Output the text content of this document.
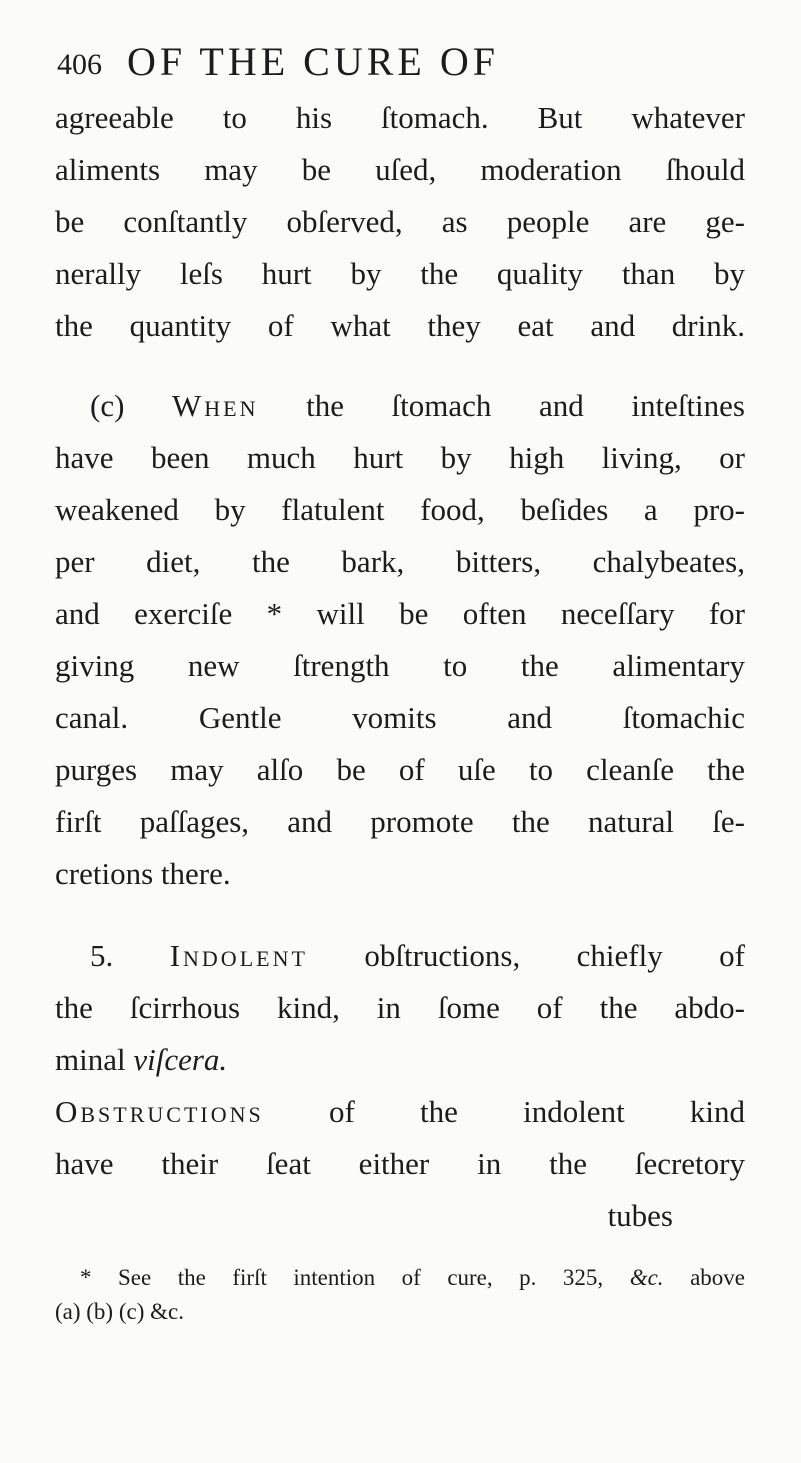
406 OF THE CURE OF
agreeable to his ſtomach. But whatever
aliments may be uſed, moderation ſhould
be conſtantly obſerved, as people are ge-
nerally leſs hurt by the quality than by
the quantity of what they eat and drink.
(c) When the ſtomach and inteſtines
have been much hurt by high living, or
weakened by flatulent food, beſides a pro-
per diet, the bark, bitters, chalybeates,
and exerciſe * will be often neceſſary for
giving new ſtrength to the alimentary
canal. Gentle vomits and ſtomachic
purges may alſo be of uſe to cleanſe the
firſt paſſages, and promote the natural ſe-
cretions there.
5. Indolent obſtructions, chiefly of
the ſcirrhous kind, in ſome of the abdo-
minal viſcera.
Obstructions of the indolent kind
have their ſeat either in the ſecretory
tubes
* See the firſt intention of cure, p. 325, &c. above
(a) (b) (c) &c.
